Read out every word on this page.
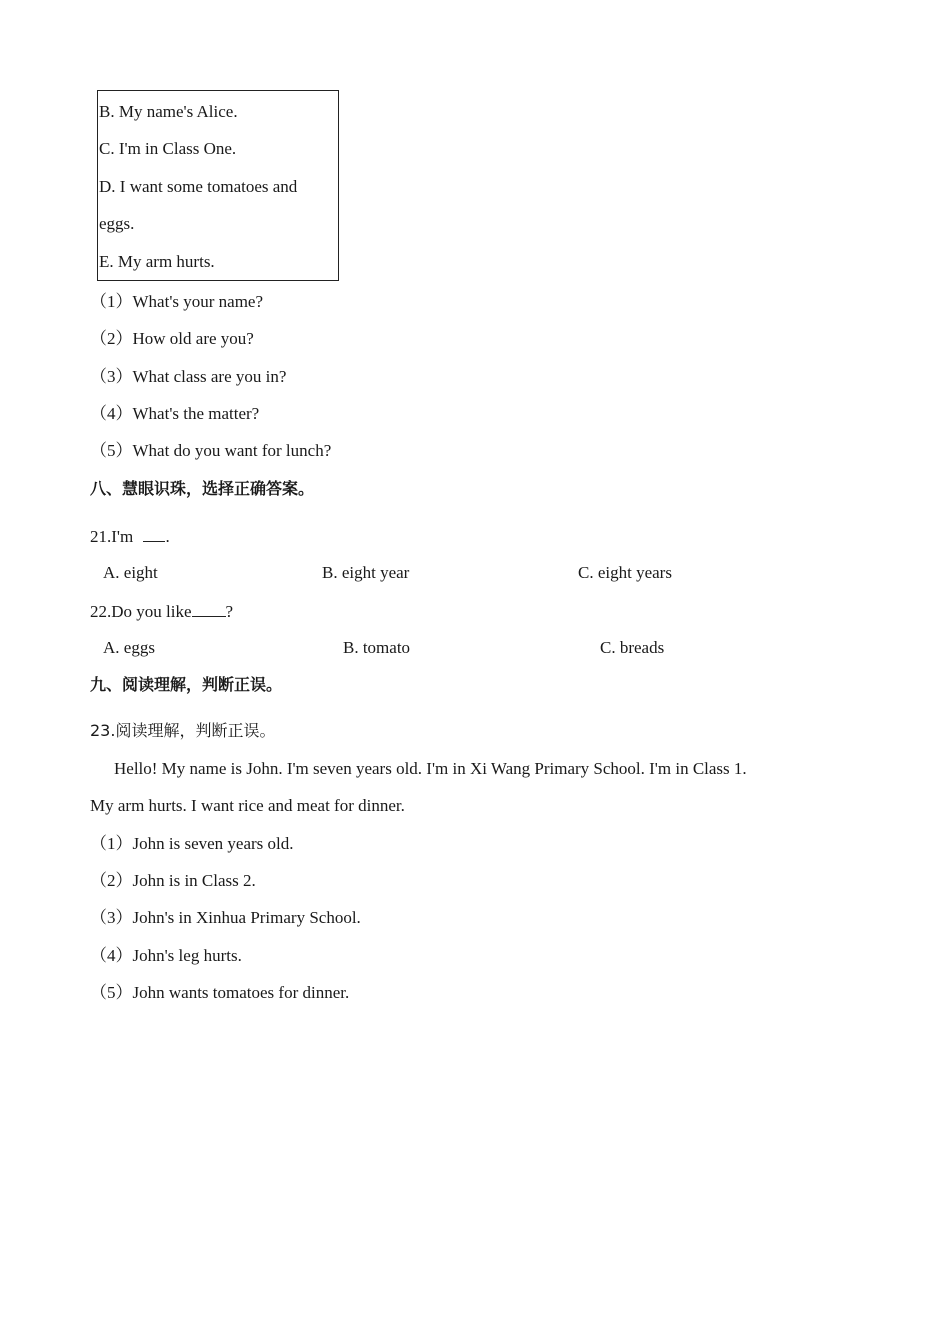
B. My name's Alice.
C. I'm in Class One.
D. I want some tomatoes and
eggs.
E. My arm hurts.
（1）What's your name?
（2）How old are you?
（3）What class are you in?
（4）What's the matter?
（5）What do you want for lunch?
八、慧眼识珠，选择正确答案。
21.I'm .
A. eight	B. eight year	C. eight years
22.Do you like ?
A. eggs	B. tomato	C. breads
九、阅读理解，判断正误。
23.阅读理解，判断正误。
Hello! My name is John. I'm seven years old. I'm in Xi Wang Primary School. I'm in Class 1.
My arm hurts. I want rice and meat for dinner.
（1）John is seven years old.
（2）John is in Class 2.
（3）John's in Xinhua Primary School.
（4）John's leg hurts.
（5）John wants tomatoes for dinner.
